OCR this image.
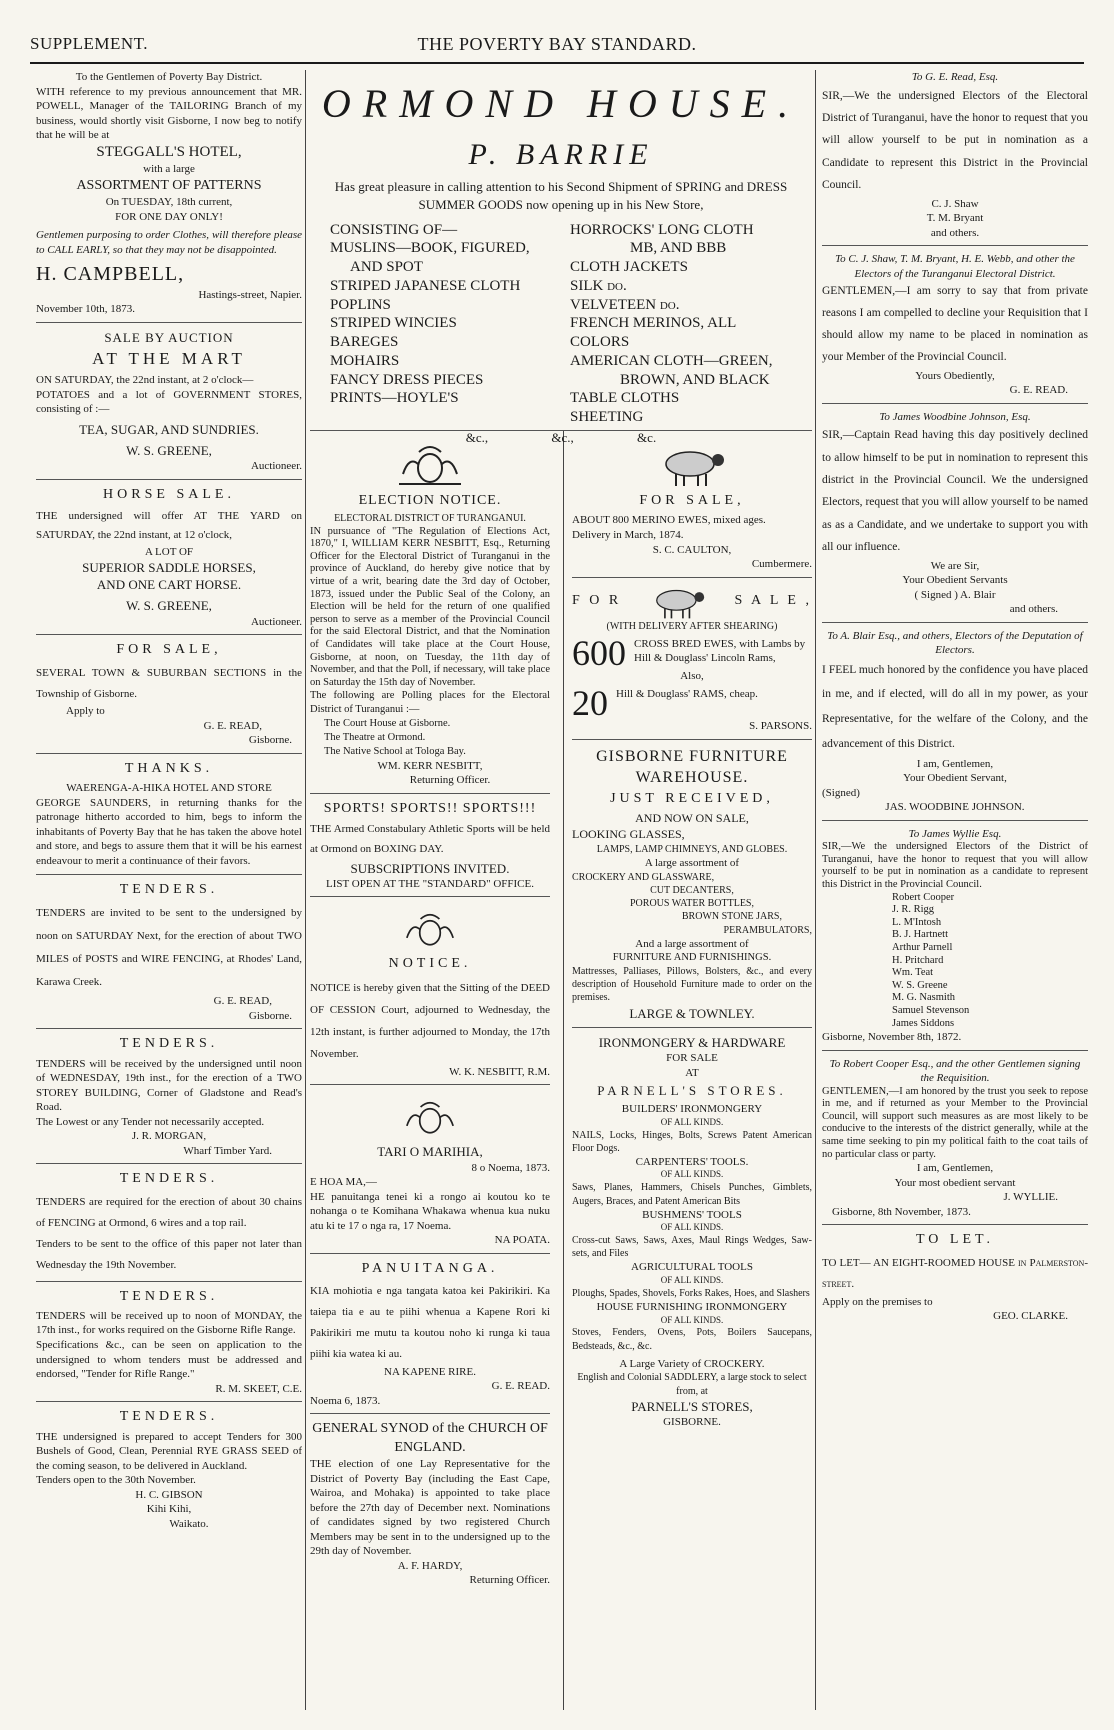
SUPPLEMENT.	THE POVERTY BAY STANDARD.
To the Gentlemen of Poverty Bay District.
WITH reference to my previous announcement that MR. POWELL, Manager of the TAILORING Branch of my business, would shortly visit Gisborne, I now beg to notify that he will be at
STEGGALL'S HOTEL,
with a large
ASSORTMENT OF PATTERNS
On TUESDAY, 18th current,
FOR ONE DAY ONLY!
Gentlemen purposing to order Clothes, will therefore please to CALL EARLY, so that they may not be disappointed.
H. CAMPBELL,
Hastings-street, Napier.
November 10th, 1873.
SALE BY AUCTION
AT THE MART
ON SATURDAY, the 22nd instant, at 2 o'clock—
POTATOES and a lot of GOVERNMENT STORES, consisting of :—
TEA, SUGAR, AND SUNDRIES.
W. S. GREENE,
Auctioneer.
HORSE SALE.
THE undersigned will offer AT THE YARD on SATURDAY, the 22nd instant, at 12 o'clock,
A LOT OF
SUPERIOR SADDLE HORSES,
AND ONE CART HORSE.
W. S. GREENE,
Auctioneer.
FOR SALE,
SEVERAL TOWN & SUBURBAN SECTIONS in the Township of Gisborne.
Apply to
G. E. READ,
Gisborne.
THANKS.
WAERENGA-A-HIKA HOTEL AND STORE
GEORGE SAUNDERS, in returning thanks for the patronage hitherto accorded to him, begs to inform the inhabitants of Poverty Bay that he has taken the above hotel and store, and begs to assure them that it will be his earnest endeavour to merit a continuance of their favors.
TENDERS.
TENDERS are invited to be sent to the undersigned by noon on SATURDAY Next, for the erection of about TWO MILES of POSTS and WIRE FENCING, at Rhodes' Land, Karawa Creek.
G. E. READ,
Gisborne.
TENDERS.
TENDERS will be received by the undersigned until noon of WEDNESDAY, 19th inst., for the erection of a TWO STOREY BUILDING, Corner of Gladstone and Read's Road.
The Lowest or any Tender not necessarily accepted.
J. R. MORGAN,
Wharf Timber Yard.
TENDERS.
TENDERS are required for the erection of about 30 chains of FENCING at Ormond, 6 wires and a top rail.
Tenders to be sent to the office of this paper not later than Wednesday the 19th November.
TENDERS.
TENDERS will be received up to noon of MONDAY, the 17th inst., for works required on the Gisborne Rifle Range.
Specifications &c., can be seen on application to the undersigned to whom tenders must be addressed and endorsed, "Tender for Rifle Range."
R. M. SKEET, C.E.
TENDERS.
THE undersigned is prepared to accept Tenders for 300 Bushels of Good, Clean, Perennial RYE GRASS SEED of the coming season, to be delivered in Auckland.
Tenders open to the 30th November.
H. C. GIBSON
Kihi Kihi,
Waikato.
ORMOND HOUSE.
P. BARRIE
Has great pleasure in calling attention to his Second Shipment of SPRING and DRESS SUMMER GOODS now opening up in his New Store,
CONSISTING OF—
MUSLINS—BOOK, FIGURED,
AND SPOT
STRIPED JAPANESE CLOTH
POPLINS
STRIPED WINCIES
BAREGES
MOHAIRS
FANCY DRESS PIECES
PRINTS—HOYLE'S
HORROCKS' LONG CLOTH
MB, AND BBB
CLOTH JACKETS
SILK do.
VELVETEEN do.
FRENCH MERINOS, ALL COLORS
AMERICAN CLOTH—GREEN,
BROWN, AND BLACK
TABLE CLOTHS
SHEETING
&c., &c., &c.
ELECTION NOTICE.
ELECTORAL DISTRICT OF TURANGANUI.
IN pursuance of "The Regulation of Elections Act, 1870," I, WILLIAM KERR NESBITT, Esq., Returning Officer for the Electoral District of Turanganui in the province of Auckland, do hereby give notice that by virtue of a writ, bearing date the 3rd day of October, 1873, issued under the Public Seal of the Colony, an Election will be held for the return of one qualified person to serve as a member of the Provincial Council for the said Electoral District, and that the Nomination of Candidates will take place at the Court House, Gisborne, at noon, on Tuesday, the 11th day of November, and that the Poll, if necessary, will take place on Saturday the 15th day of November.
The following are Polling places for the Electoral District of Turanganui :—
The Court House at Gisborne.
The Theatre at Ormond.
The Native School at Tologa Bay.
WM. KERR NESBITT,
Returning Officer.
SPORTS! SPORTS!! SPORTS!!!
THE Armed Constabulary Athletic Sports will be held at Ormond on BOXING DAY.
SUBSCRIPTIONS INVITED.
LIST OPEN AT THE "STANDARD" OFFICE.
NOTICE.
NOTICE is hereby given that the Sitting of the DEED OF CESSION Court, adjourned to Wednesday, the 12th instant, is further adjourned to Monday, the 17th November.
W. K. NESBITT, R.M.
TARI O MARIHIA,
8 o Noema, 1873.
E HOA MA,—
HE panuitanga tenei ki a rongo ai koutou ko te nohanga o te Komihana Whakawa whenua kua nuku atu ki te 17 o nga ra, 17 Noema.
NA POATA.
PANUITANGA.
KIA mohiotia e nga tangata katoa kei Pakirikiri. Ka taiepa tia e au te piihi whenua a Kapene Rori ki Pakirikiri me mutu ta koutou noho ki runga ki taua piihi kia watea ki au.
NA KAPENE RIRE.
G. E. READ.
Noema 6, 1873.
GENERAL SYNOD of the CHURCH OF ENGLAND.
THE election of one Lay Representative for the District of Poverty Bay (including the East Cape, Wairoa, and Mohaka) is appointed to take place before the 27th day of December next. Nominations of candidates signed by two registered Church Members may be sent in to the undersigned up to the 29th day of November.
A. F. HARDY,
Returning Officer.
FOR SALE,
ABOUT 800 MERINO EWES, mixed ages.
Delivery in March, 1874.
S. C. CAULTON,
Cumbermere.
F O R	S A L E ,
(WITH DELIVERY AFTER SHEARING)
600 CROSS BRED EWES, with Lambs by Hill & Douglass' Lincoln Rams,
Also,
20 Hill & Douglass' RAMS, cheap.
S. PARSONS.
GISBORNE FURNITURE WAREHOUSE.
JUST RECEIVED,
AND NOW ON SALE,
LOOKING GLASSES,
LAMPS, LAMP CHIMNEYS, AND GLOBES.
A large assortment of
CROCKERY AND GLASSWARE,
CUT DECANTERS,
POROUS WATER BOTTLES,
BROWN STONE JARS,
PERAMBULATORS,
And a large assortment of
FURNITURE AND FURNISHINGS.
Mattresses, Palliases, Pillows, Bolsters, &c., and every description of Household Furniture made to order on the premises.
LARGE & TOWNLEY.
IRONMONGERY & HARDWARE
FOR SALE
AT
PARNELL'S STORES.
BUILDERS' IRONMONGERY
OF ALL KINDS.
NAILS, Locks, Hinges, Bolts, Screws Patent American Floor Dogs.
CARPENTERS' TOOLS.
OF ALL KINDS.
Saws, Planes, Hammers, Chisels Punches, Gimblets, Augers, Braces, and Patent American Bits
BUSHMENS' TOOLS
OF ALL KINDS.
Cross-cut Saws, Saws, Axes, Maul Rings Wedges, Saw-sets, and Files
AGRICULTURAL TOOLS
OF ALL KINDS.
Ploughs, Spades, Shovels, Forks Rakes, Hoes, and Slashers
HOUSE FURNISHING IRONMONGERY
OF ALL KINDS.
Stoves, Fenders, Ovens, Pots, Boilers Saucepans, Bedsteads, &c., &c.
A Large Variety of CROCKERY.
English and Colonial SADDLERY, a large stock to select from, at
PARNELL'S STORES,
GISBORNE.
To G. E. Read, Esq.
SIR,—We the undersigned Electors of the Electoral District of Turanganui, have the honor to request that you will allow yourself to be put in nomination as a Candidate to represent this District in the Provincial Council.
C. J. Shaw
T. M. Bryant
and others.
To C. J. Shaw, T. M. Bryant, H. E. Webb, and other the Electors of the Turanganui Electoral District.
GENTLEMEN,—I am sorry to say that from private reasons I am compelled to decline your Requisition that I should allow my name to be placed in nomination as your Member of the Provincial Council.
Yours Obediently,
G. E. READ.
To James Woodbine Johnson, Esq.
SIR,—Captain Read having this day positively declined to allow himself to be put in nomination to represent this district in the Provincial Council. We the undersigned Electors, request that you will allow yourself to be named as as a Candidate, and we undertake to support you with all our influence.
We are Sir,
Your Obedient Servants
( Signed ) A. Blair
and others.
To A. Blair Esq., and others, Electors of the Deputation of Electors.
I FEEL much honored by the confidence you have placed in me, and if elected, will do all in my power, as your Representative, for the welfare of the Colony, and the advancement of this District.
I am, Gentlemen,
Your Obedient Servant,
(Signed)
JAS. WOODBINE JOHNSON.
To James Wyllie Esq.
SIR,—We the undersigned Electors of the District of Turanganui, have the honor to request that you will allow yourself to be put in nomination as a candidate to represent this District in the Provincial Council.
Robert Cooper
J. R. Rigg
L. M'Intosh
B. J. Hartnett
Arthur Parnell
H. Pritchard
Wm. Teat
W. S. Greene
M. G. Nasmith
Samuel Stevenson
James Siddons
Gisborne, November 8th, 1872.
To Robert Cooper Esq., and the other Gentlemen signing the Requisition.
GENTLEMEN,—I am honored by the trust you seek to repose in me, and if returned as your Member to the Provincial Council, will support such measures as are most likely to be conducive to the interests of the district generally, while at the same time seeking to pin my political faith to the coat tails of no particular class or party.
I am, Gentlemen,
Your most obedient servant
J. WYLLIE.
Gisborne, 8th November, 1873.
TO LET.
TO LET— AN EIGHT-ROOMED HOUSE in Palmerston-street.
Apply on the premises to
GEO. CLARKE.
